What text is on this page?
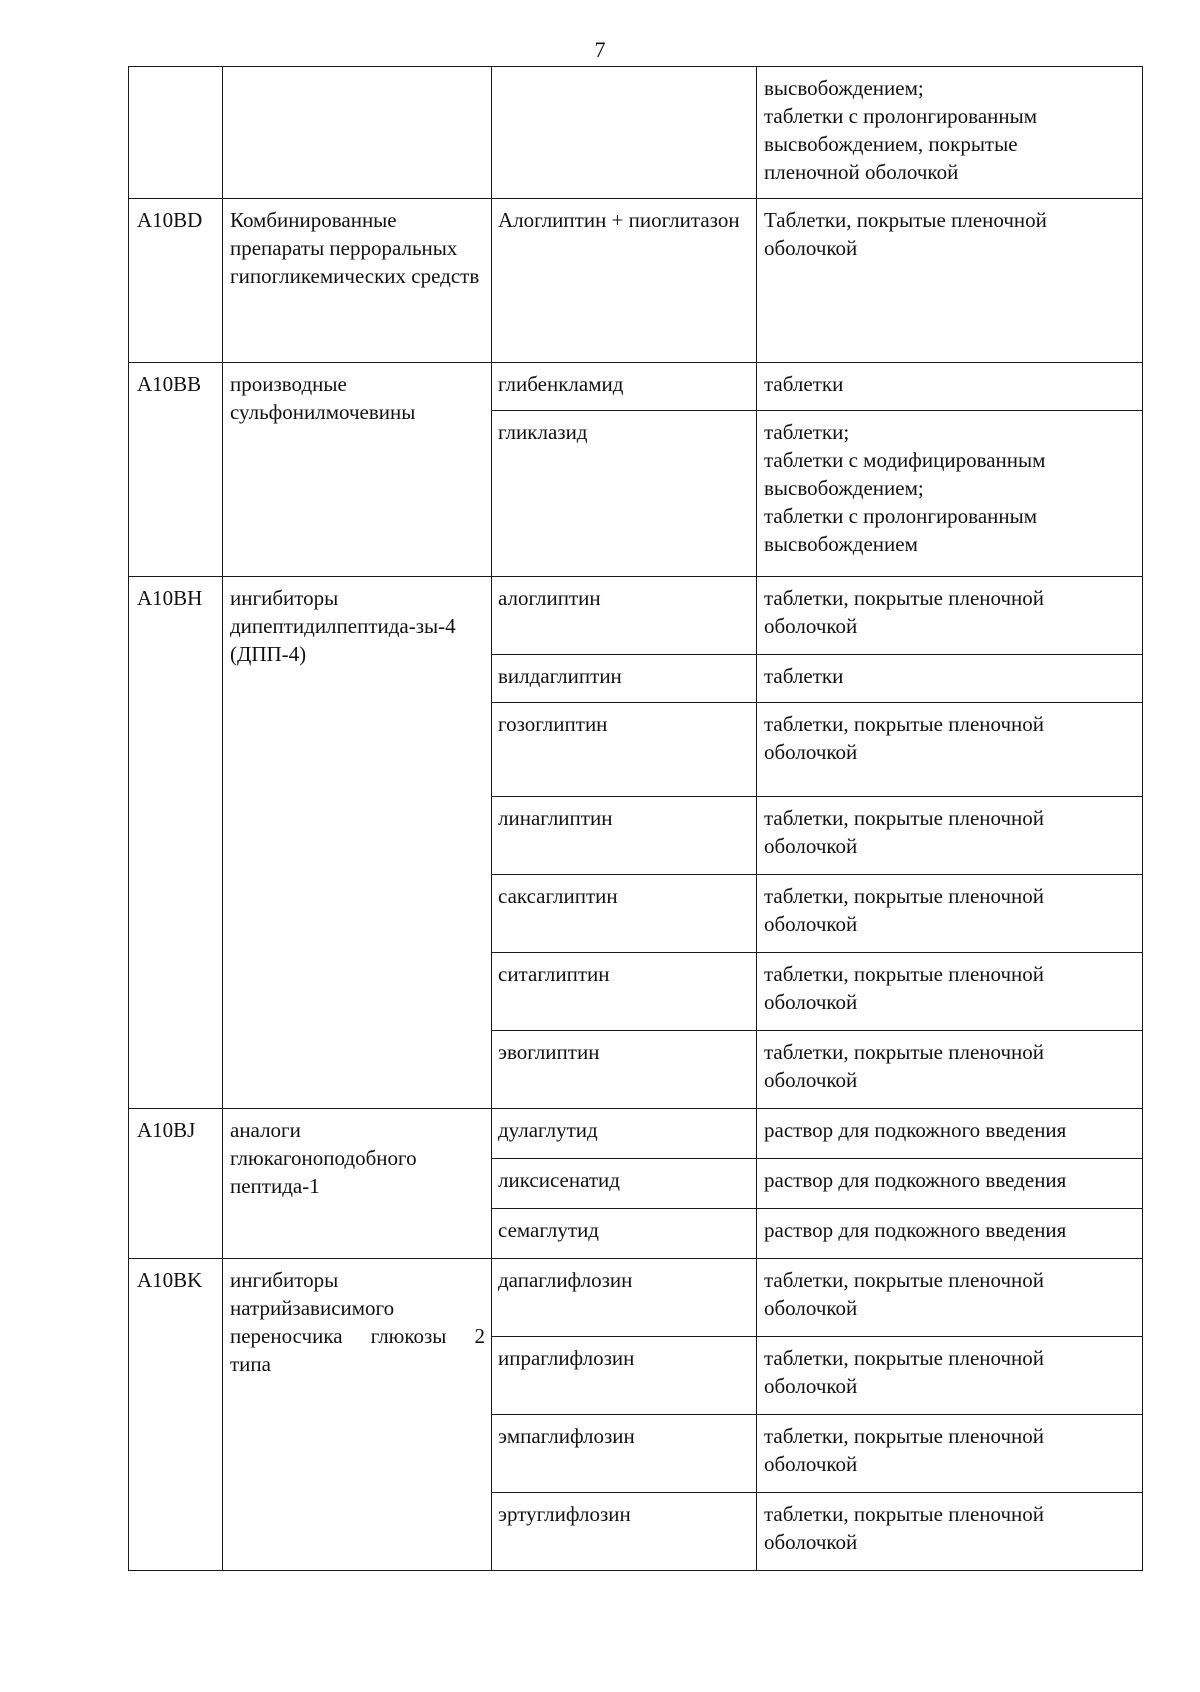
7

			высвобождением;
таблетки с пролонгированным
высвобождением, покрытые
пленочной оболочкой

A10BD	Комбинированные препараты перроральных гипогликемических средств	Алоглиптин + пиоглитазон	Таблетки, покрытые пленочной оболочкой

A10BB	производные сульфонилмочевины	глибенкламид	таблетки

		гликлазид	таблетки;
таблетки с модифицированным
высвобождением;
таблетки с пролонгированным
высвобождением

A10BH	ингибиторы дипептидилпептида-зы-4 (ДПП-4)	алоглиптин	таблетки, покрытые пленочной оболочкой

		вилдаглиптин	таблетки

		гозоглиптин	таблетки, покрытые пленочной оболочкой

		линаглиптин	таблетки, покрытые пленочной оболочкой

		саксаглиптин	таблетки, покрытые пленочной оболочкой

		ситаглиптин	таблетки, покрытые пленочной оболочкой

		эвоглиптин	таблетки, покрытые пленочной оболочкой

A10BJ	аналоги глюкагоноподобного пептида-1	дулаглутид	раствор для подкожного введения

		ликсисенатид	раствор для подкожного введения

		семаглутид	раствор для подкожного введения

A10BK	ингибиторы натрийзависимого переносчика глюкозы 2 типа	дапаглифлозин	таблетки, покрытые пленочной оболочкой

		ипраглифлозин	таблетки, покрытые пленочной оболочкой

		эмпаглифлозин	таблетки, покрытые пленочной оболочкой

		эртуглифлозин	таблетки, покрытые пленочной оболочкой
